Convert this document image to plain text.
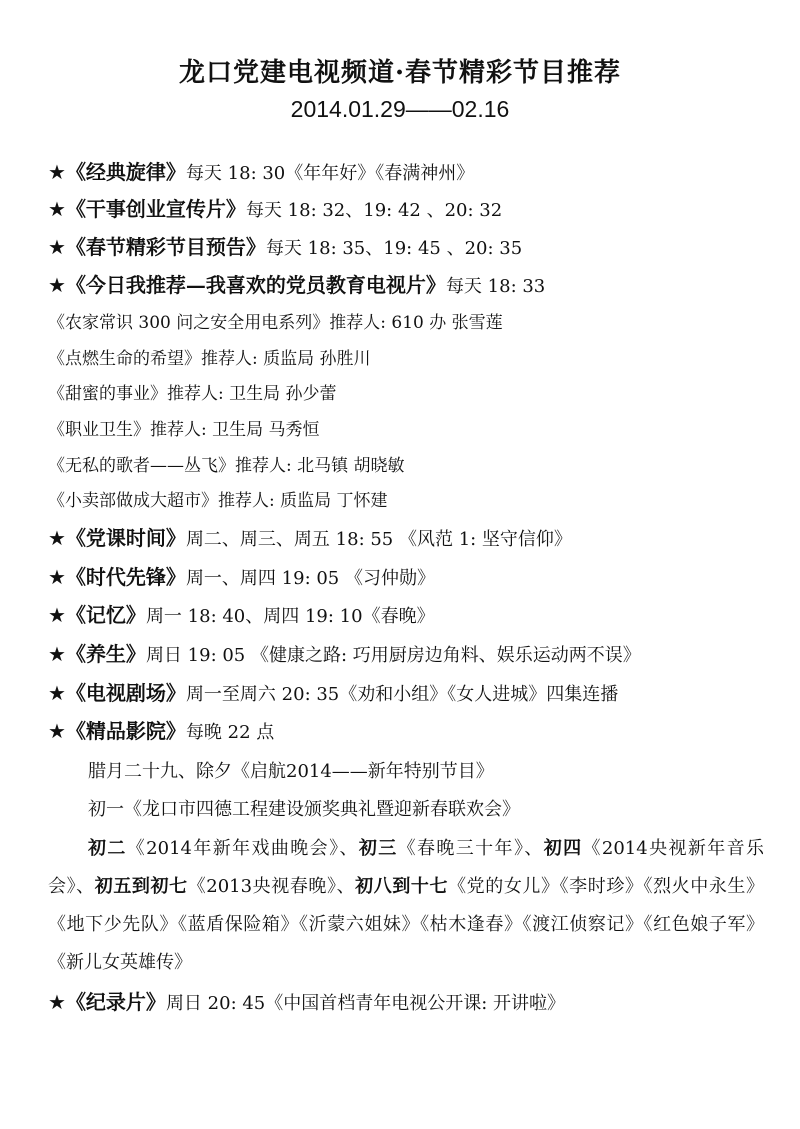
龙口党建电视频道·春节精彩节目推荐
2014.01.29——02.16
★《经典旋律》每天 18: 30《年年好》《春满神州》
★《干事创业宣传片》每天 18: 32、19: 42 、20: 32
★《春节精彩节目预告》每天 18: 35、19: 45 、20: 35
★《今日我推荐—我喜欢的党员教育电视片》每天 18: 33
《农家常识 300 问之安全用电系列》推荐人: 610 办 张雪莲
《点燃生命的希望》推荐人: 质监局 孙胜川
《甜蜜的事业》推荐人: 卫生局 孙少蕾
《职业卫生》推荐人: 卫生局 马秀恒
《无私的歌者——丛飞》推荐人: 北马镇 胡晓敏
《小卖部做成大超市》推荐人: 质监局 丁怀建
★《党课时间》周二、周三、周五 18: 55 《风范 1: 坚守信仰》
★《时代先锋》周一、周四 19: 05 《习仲勋》
★《记忆》周一 18: 40、周四 19: 10《春晚》
★《养生》周日 19: 05 《健康之路: 巧用厨房边角料、娱乐运动两不误》
★《电视剧场》周一至周六 20: 35《劝和小组》《女人进城》四集连播
★《精品影院》每晚 22 点
腊月二十九、除夕《启航2014——新年特别节目》
初一《龙口市四德工程建设颁奖典礼暨迎新春联欢会》
初二《2014年新年戏曲晚会》、初三《春晚三十年》、初四《2014央视新年音乐会》、初五到初七《2013央视春晚》、初八到十七《党的女儿》《李时珍》《烈火中永生》《地下少先队》《蓝盾保险箱》《沂蒙六姐妹》《枯木逢春》《渡江侦察记》《红色娘子军》《新儿女英雄传》
★《纪录片》周日 20: 45《中国首档青年电视公开课: 开讲啦》
